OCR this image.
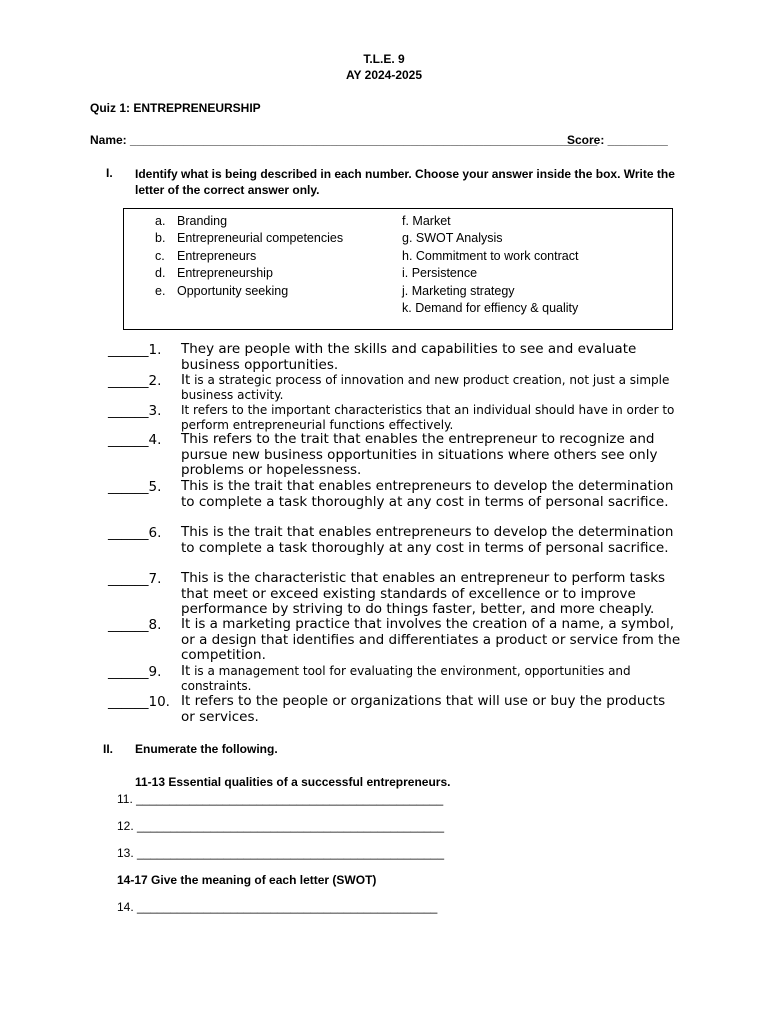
T.L.E. 9
AY 2024-2025
Quiz 1: ENTREPRENEURSHIP
Name: ______________________________________________________________________
Score: _________
I. Identify what is being described in each number. Choose your answer inside the box. Write the letter of the correct answer only.
a. Branding
b. Entrepreneurial competencies
c. Entrepreneurs
d. Entrepreneurship
e. Opportunity seeking
f. Market
g. SWOT Analysis
h. Commitment to work contract
i. Persistence
j. Marketing strategy
k. Demand for effiency & quality
______1. They are people with the skills and capabilities to see and evaluate business opportunities.
______2. It is a strategic process of innovation and new product creation, not just a simple business activity.
______3. It refers to the important characteristics that an individual should have in order to perform entrepreneurial functions effectively.
______4. This refers to the trait that enables the entrepreneur to recognize and pursue new business opportunities in situations where others see only problems or hopelessness.
______5. This is the trait that enables entrepreneurs to develop the determination to complete a task thoroughly at any cost in terms of personal sacrifice.
______6. This is the trait that enables entrepreneurs to develop the determination to complete a task thoroughly at any cost in terms of personal sacrifice.
______7. This is the characteristic that enables an entrepreneur to perform tasks that meet or exceed existing standards of excellence or to improve performance by striving to do things faster, better, and more cheaply.
______8. It is a marketing practice that involves the creation of a name, a symbol, or a design that identifies and differentiates a product or service from the competition.
______9. It is a management tool for evaluating the environment, opportunities and constraints.
______10. It refers to the people or organizations that will use or buy the products or services.
II. Enumerate the following.
11-13 Essential qualities of a successful entrepreneurs.
11. ______________________________________________
12. ______________________________________________
13. ______________________________________________
14-17 Give the meaning of each letter (SWOT)
14. _____________________________________________
